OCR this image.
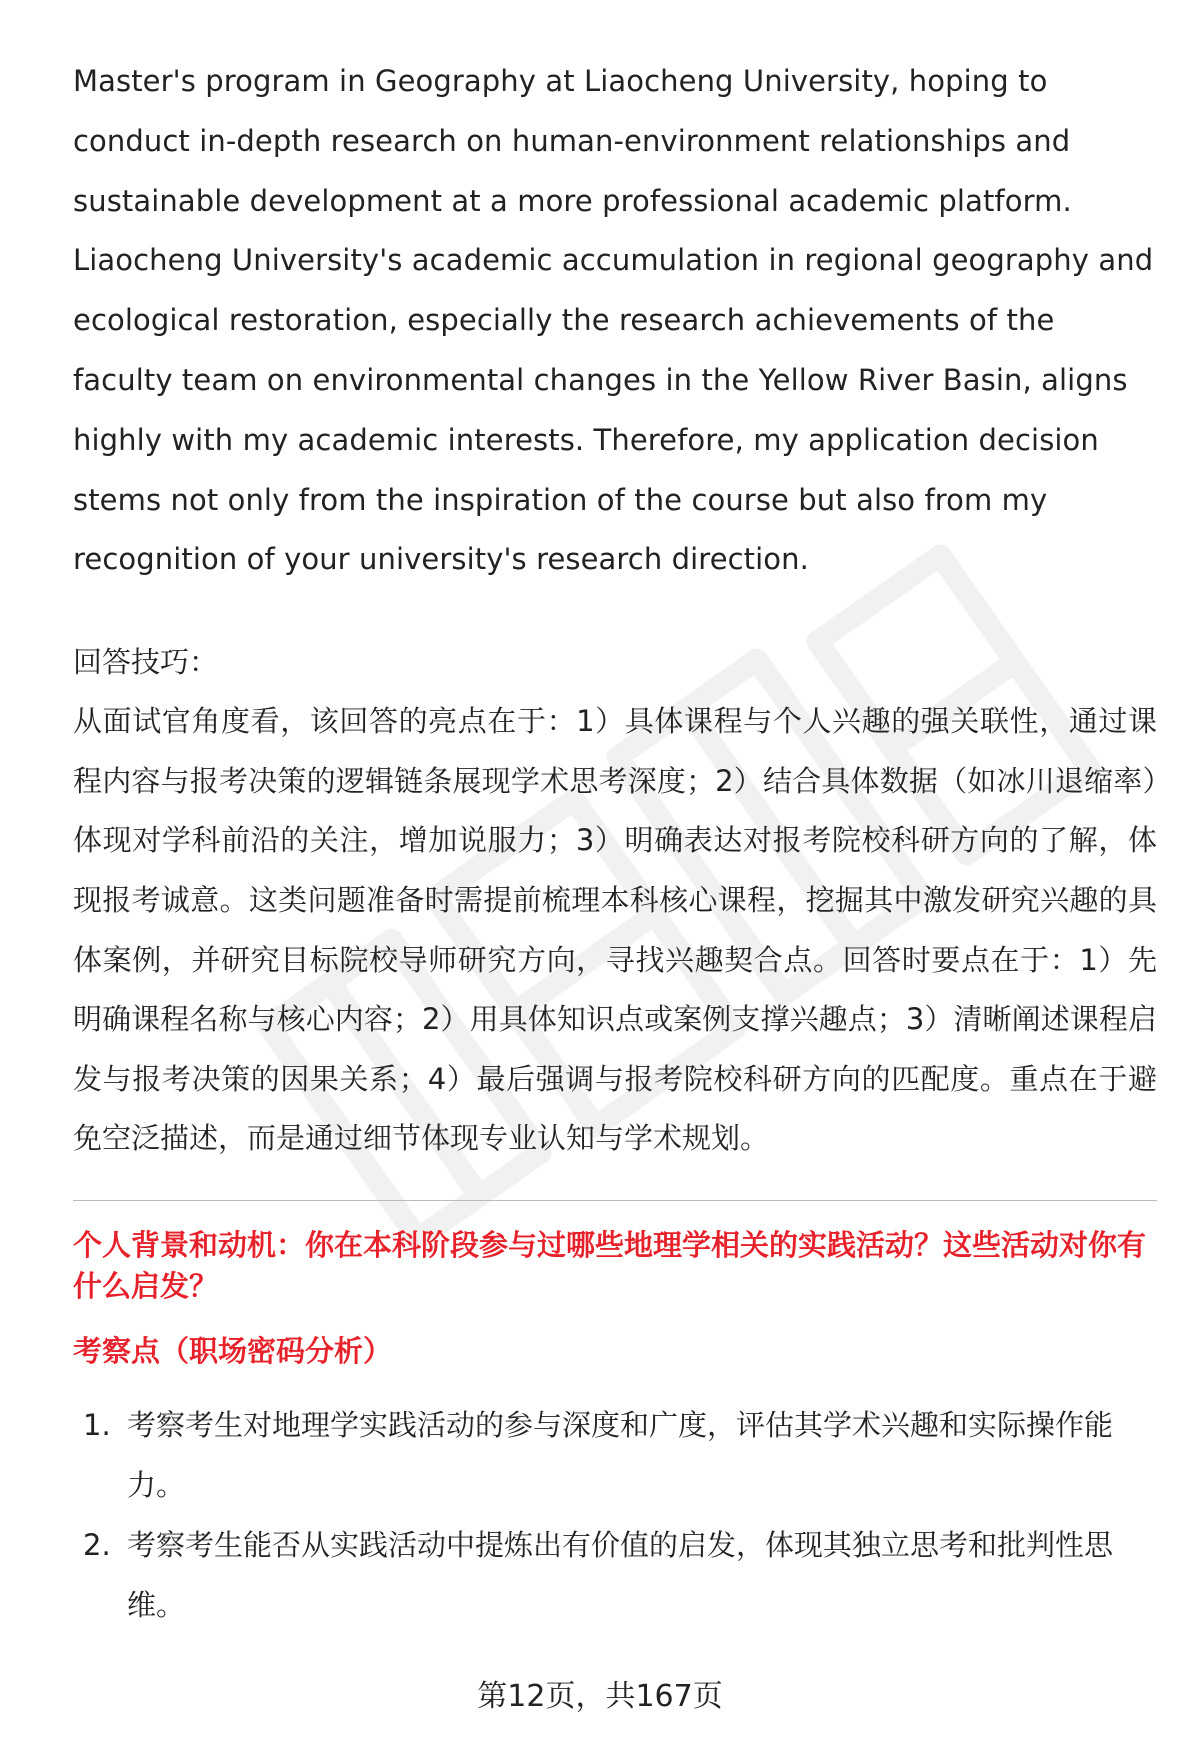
职场密码

Master's program in Geography at Liaocheng University, hoping to conduct in-depth research on human-environment relationships and sustainable development at a more professional academic platform. Liaocheng University's academic accumulation in regional geography and ecological restoration, especially the research achievements of the faculty team on environmental changes in the Yellow River Basin, aligns highly with my academic interests. Therefore, my application decision stems not only from the inspiration of the course but also from my recognition of your university's research direction.

回答技巧：

从面试官角度看，该回答的亮点在于：1）具体课程与个人兴趣的强关联性，通过课程内容与报考决策的逻辑链条展现学术思考深度；2）结合具体数据（如冰川退缩率）体现对学科前沿的关注，增加说服力；3）明确表达对报考院校科研方向的了解，体现报考诚意。这类问题准备时需提前梳理本科核心课程，挖掘其中激发研究兴趣的具体案例，并研究目标院校导师研究方向，寻找兴趣契合点。回答时要点在于：1）先明确课程名称与核心内容；2）用具体知识点或案例支撑兴趣点；3）清晰阐述课程启发与报考决策的因果关系；4）最后强调与报考院校科研方向的匹配度。重点在于避免空泛描述，而是通过细节体现专业认知与学术规划。

个人背景和动机：你在本科阶段参与过哪些地理学相关的实践活动？这些活动对你有什么启发？
考察点（职场密码分析）
1. 考察考生对地理学实践活动的参与深度和广度，评估其学术兴趣和实际操作能力。
2. 考察考生能否从实践活动中提炼出有价值的启发，体现其独立思考和批判性思维。
第12页，共167页
